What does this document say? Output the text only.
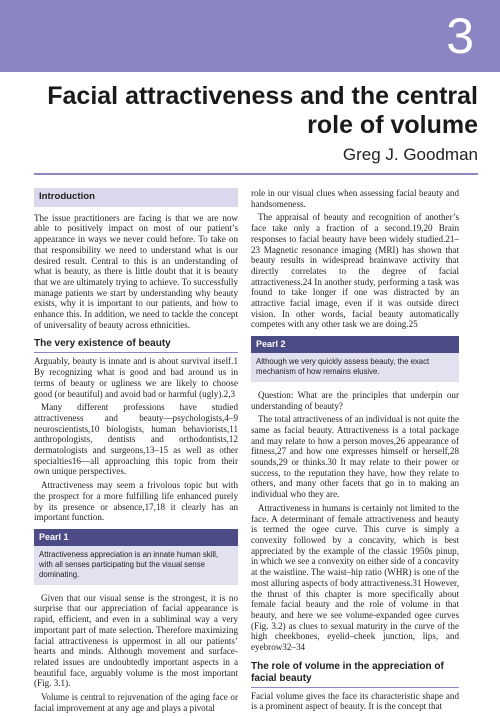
3
Facial attractiveness and the central role of volume
Greg J. Goodman
Introduction

The issue practitioners are facing is that we are now able to positively impact on most of our patient’s appearance in ways we never could before. To take on that responsibility we need to understand what is our desired result. Central to this is an understanding of what is beauty, as there is little doubt that it is beauty that we are ultimately trying to achieve. To successfully manage patients we start by understanding why beauty exists, why it is important to our patients, and how to enhance this. In addition, we need to tackle the concept of universality of beauty across ethnicities.

The very existence of beauty

Arguably, beauty is innate and is about survival itself.1 By recognizing what is good and bad around us in terms of beauty or ugliness we are likely to choose good (or beautiful) and avoid bad or harmful (ugly).2,3

Many different professions have studied attractiveness and beauty—psychologists,4–9 neuroscientists,10 biologists, human behaviorists,11 anthropologists, dentists and orthodontists,12 dermatologists and surgeons,13–15 as well as other specialties16—all approaching this topic from their own unique perspectives.

Attractiveness may seem a frivolous topic but with the prospect for a more fulfilling life enhanced purely by its presence or absence,17,18 it clearly has an important function.

Pearl 1
Attractiveness appreciation is an innate human skill, with all senses participating but the visual sense dominating.

Given that our visual sense is the strongest, it is no surprise that our appreciation of facial appearance is rapid, efficient, and even in a subliminal way a very important part of mate selection. Therefore maximizing facial attractiveness is uppermost in all our patients’ hearts and minds. Although movement and surface-related issues are undoubtedly important aspects in a beautiful face, arguably volume is the most important (Fig. 3.1).

Volume is central to rejuvenation of the aging face or facial improvement at any age and plays a pivotal

role in our visual clues when assessing facial beauty and handsomeness.

The appraisal of beauty and recognition of another’s face take only a fraction of a second.19,20 Brain responses to facial beauty have been widely studied.21–23 Magnetic resonance imaging (MRI) has shown that beauty results in widespread brainwave activity that directly correlates to the degree of facial attractiveness.24 In another study, performing a task was found to take longer if one was distracted by an attractive facial image, even if it was outside direct vision. In other words, facial beauty automatically competes with any other task we are doing.25

Pearl 2
Although we very quickly assess beauty, the exact mechanism of how remains elusive.

Question: What are the principles that underpin our understanding of beauty?

The total attractiveness of an individual is not quite the same as facial beauty. Attractiveness is a total package and may relate to how a person moves,26 appearance of fitness,27 and how one expresses himself or herself,28 sounds,29 or thinks.30 It may relate to their power or success, to the reputation they have, how they relate to others, and many other facets that go in to making an individual who they are.

Attractiveness in humans is certainly not limited to the face. A determinant of female attractiveness and beauty is termed the ogee curve. This curve is simply a convexity followed by a concavity, which is best appreciated by the example of the classic 1950s pinup, in which we see a convexity on either side of a concavity at the waistline. The waist–hip ratio (WHR) is one of the most alluring aspects of body attractiveness.31 However, the thrust of this chapter is more specifically about female facial beauty and the role of volume in that beauty, and here we see volume-expanded ogee curves (Fig. 3.2) as clues to sexual maturity in the curve of the high cheekbones, eyelid–cheek junction, lips, and eyebrow32–34

The role of volume in the appreciation of facial beauty

Facial volume gives the face its characteristic shape and is a prominent aspect of beauty. It is the concept that
